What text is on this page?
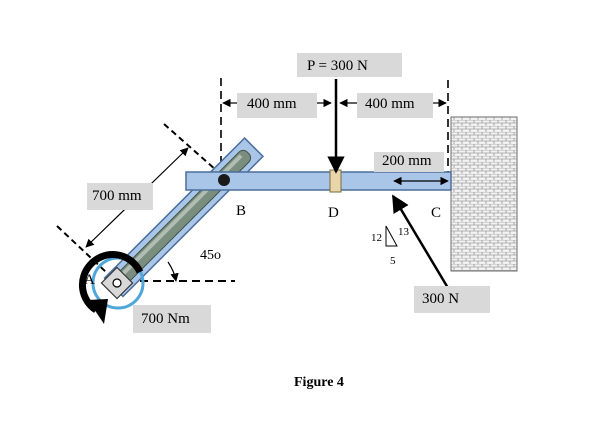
P = 300 N
400 mm	400 mm
200 mm
700 mm
700 Nm
300 N
45o
A
B	C
D
12 13
5
Figure 4
